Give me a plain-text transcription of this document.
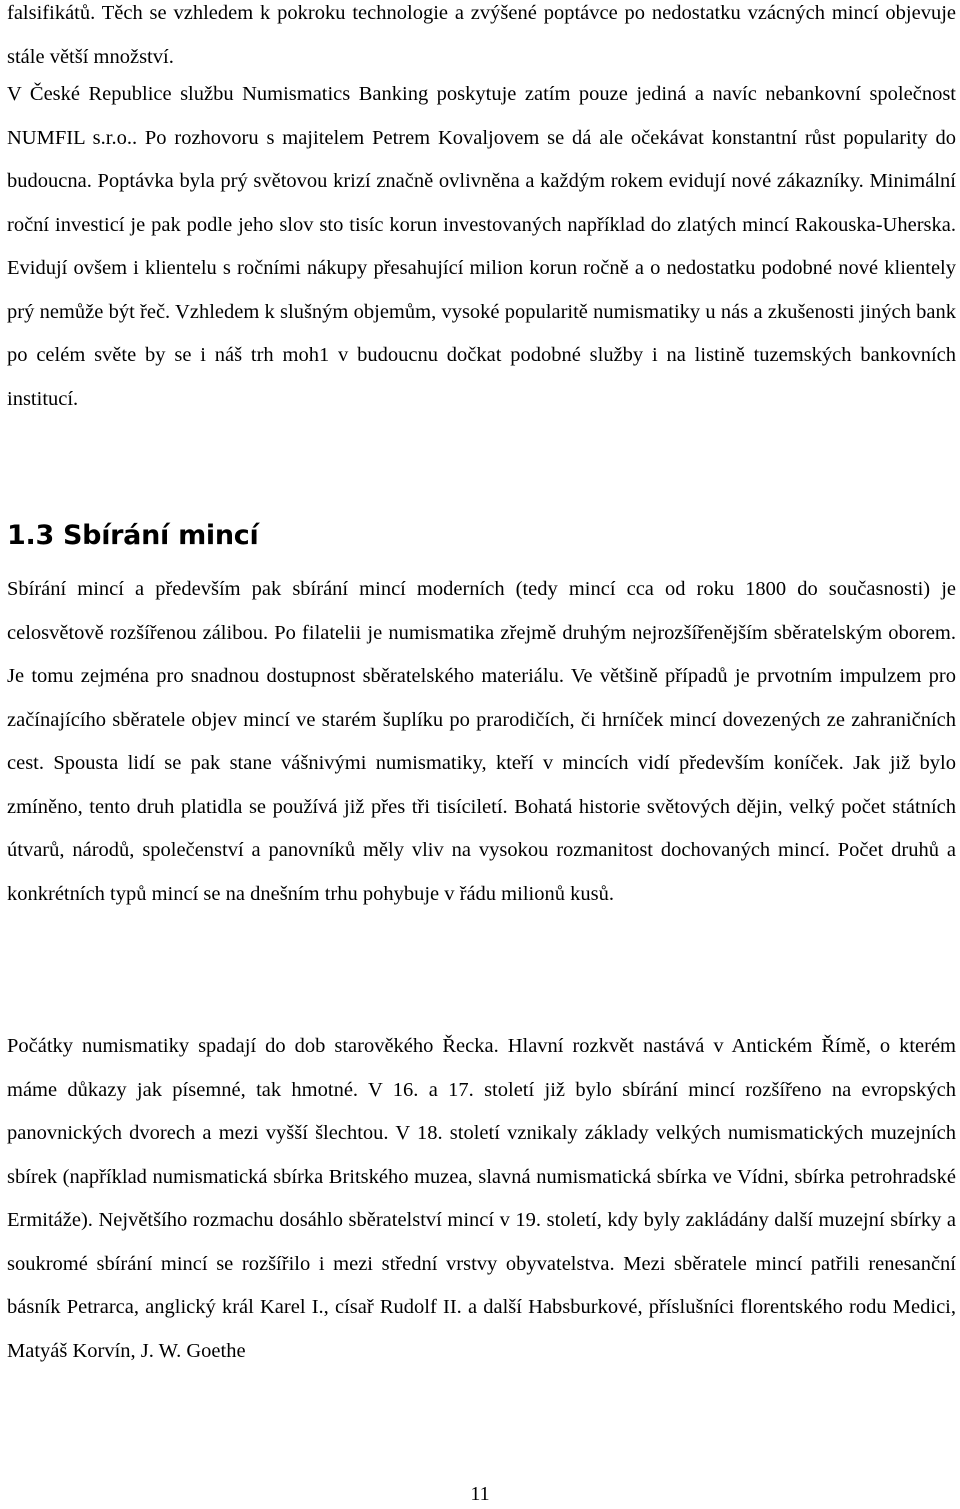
falsifikátů. Těch se vzhledem k pokroku technologie a zvýšené poptávce po nedostatku vzácných mincí objevuje stále větší množství.

V České Republice službu Numismatics Banking poskytuje zatím pouze jediná a navíc nebankovní společnost NUMFIL s.r.o.. Po rozhovoru s majitelem Petrem Kovaljovem se dá ale očekávat konstantní růst popularity do budoucna. Poptávka byla prý světovou krizí značně ovlivněna a každým rokem evidují nové zákazníky. Minimální roční investicí je pak podle jeho slov sto tisíc korun investovaných například do zlatých mincí Rakouska-Uherska. Evidují ovšem i klientelu s ročními nákupy přesahující milion korun ročně a o nedostatku podobné nové klientely prý nemůže být řeč. Vzhledem k slušným objemům, vysoké popularitě numismatiky u nás a zkušenosti jiných bank po celém světe by se i náš trh moh1 v budoucnu dočkat podobné služby i na listině tuzemských bankovních institucí.

1.3 Sbírání mincí

Sbírání mincí a především pak sbírání mincí moderních (tedy mincí cca od roku 1800 do současnosti) je celosvětově rozšířenou zálibou. Po filatelii je numismatika zřejmě druhým nejrozšířenějším sběratelským oborem. Je tomu zejména pro snadnou dostupnost sběratelského materiálu. Ve většině případů je prvotním impulzem pro začínajícího sběratele objev mincí ve starém šuplíku po prarodičích, či hrníček mincí dovezených ze zahraničních cest. Spousta lidí se pak stane vášnivými numismatiky, kteří v mincích vidí především koníček. Jak již bylo zmíněno, tento druh platidla se používá již přes tři tisíciletí. Bohatá historie světových dějin, velký počet státních útvarů, národů, společenství a panovníků měly vliv na vysokou rozmanitost dochovaných mincí. Počet druhů a konkrétních typů mincí se na dnešním trhu pohybuje v řádu milionů kusů.

Počátky numismatiky spadají do dob starověkého Řecka. Hlavní rozkvět nastává v Antickém Římě, o kterém máme důkazy jak písemné, tak hmotné. V 16. a 17. století již bylo sbírání mincí rozšířeno na evropských panovnických dvorech a mezi vyšší šlechtou. V 18. století vznikaly základy velkých numismatických muzejních sbírek (například numismatická sbírka Britského muzea, slavná numismatická sbírka ve Vídni, sbírka petrohradské Ermitáže). Největšího rozmachu dosáhlo sběratelství mincí v 19. století, kdy byly zakládány další muzejní sbírky a soukromé sbírání mincí se rozšířilo i mezi střední vrstvy obyvatelstva. Mezi sběratele mincí patřili renesanční básník Petrarca, anglický král Karel I., císař Rudolf II. a další Habsburkové, příslušníci florentského rodu Medici, Matyáš Korvín, J. W. Goethe

11
